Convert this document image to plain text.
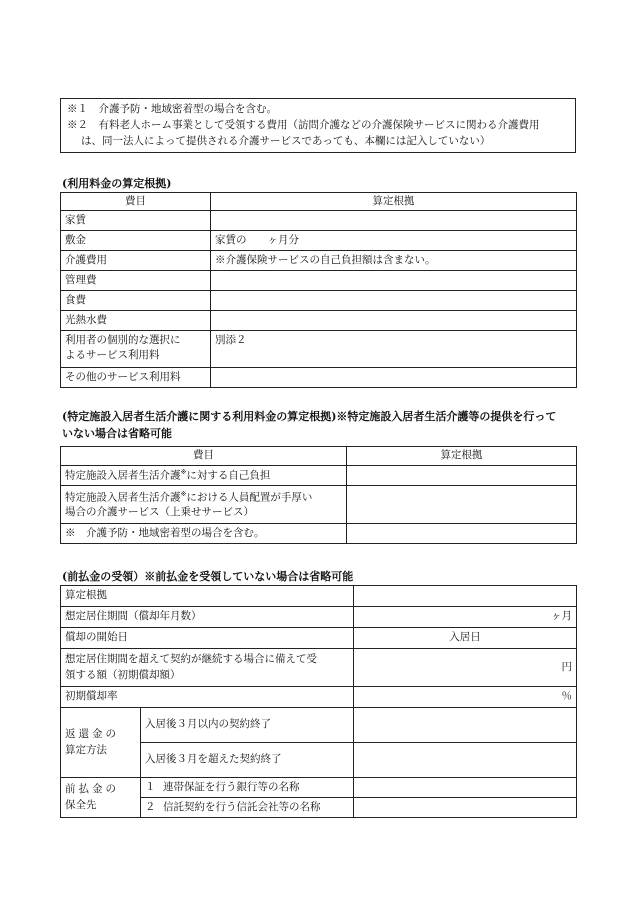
※１　介護予防・地域密着型の場合を含む。
※２　有料老人ホーム事業として受領する費用（訪問介護などの介護保険サービスに関わる介護費用
は、同一法人によって提供される介護サービスであっても、本欄には記入していない）
(利用料金の算定根拠)
費目	算定根拠
家賃	
敷金	家賃の　　ヶ月分
介護費用	※介護保険サービスの自己負担額は含まない。
管理費	
食費	
光熱水費	

利用者の個別的な選択に
よるサービス利用料	別添２
その他のサービス利用料	
(特定施設入居者生活介護に関する利用料金の算定根拠)※特定施設入居者生活介護等の提供を行って
いない場合は省略可能
費目	算定根拠
特定施設入居者生活介護※に対する自己負担	

特定施設入居者生活介護※における人員配置が手厚い
場合の介護サービス（上乗せサービス）	

※　介護予防・地域密着型の場合を含む。	
(前払金の受領）※前払金を受領していない場合は省略可能
算定根拠		
想定居住期間（償却年月数）		ヶ月
償却の開始日		入居日

想定居住期間を超えて契約が継続する場合に備えて受
領する額（初期償却額）		円
初期償却率		％

返還金の
算定方法	入居後３月以内の契約終了	
	入居後３月を超えた契約終了	

前払金の
保全先	１ 連帯保証を行う銀行等の名称	
	２ 信託契約を行う信託会社等の名称	
